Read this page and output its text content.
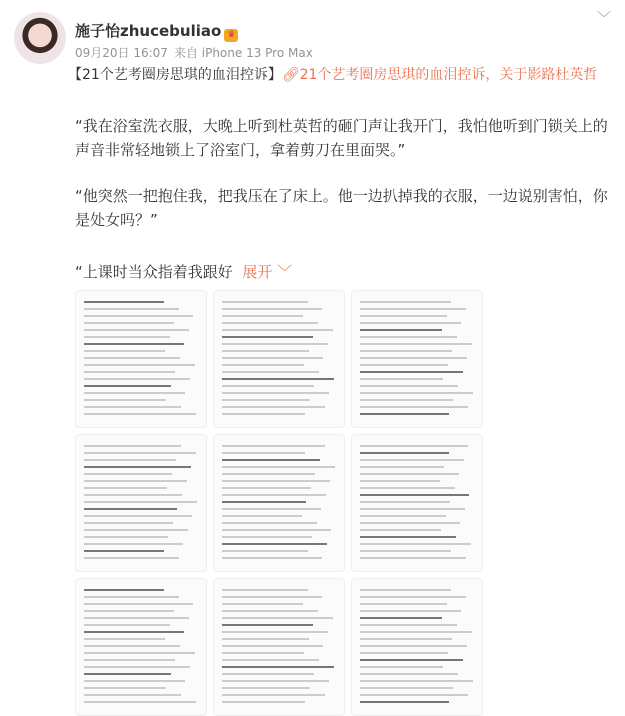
施子怡zhucebuliao ♛
09月20日 16:07 来自 iPhone 13 Pro Max
﹀
【21个艺考圈房思琪的血泪控诉】🔗︎21个艺考圈房思琪的血泪控诉，关于影路杜英哲
“我在浴室洗衣服，大晚上听到杜英哲的砸门声让我开门，我怕他听到门锁关上的声音非常轻地锁上了浴室门，拿着剪刀在里面哭。”
“他突然一把抱住我，把我压在了床上。他一边扒掉我的衣服，一边说别害怕，你是处女吗？”
“上课时当众指着我跟好 展开 ﹀
